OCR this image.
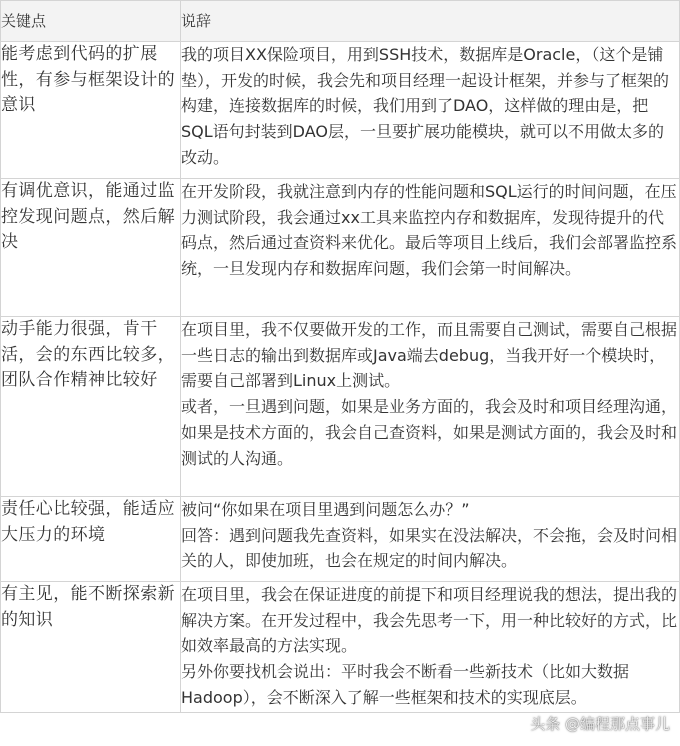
关键点	说辞
能考虑到代码的扩展性，有参与框架设计的意识	我的项目XX保险项目，用到SSH技术，数据库是Oracle，（这个是铺垫），开发的时候，我会先和项目经理一起设计框架，并参与了框架的构建，连接数据库的时候，我们用到了DAO，这样做的理由是，把SQL语句封装到DAO层，一旦要扩展功能模块，就可以不用做太多的改动。

有调优意识，能通过监控发现问题点，然后解决	在开发阶段，我就注意到内存的性能问题和SQL运行的时间问题，在压力测试阶段，我会通过xx工具来监控内存和数据库，发现待提升的代码点，然后通过查资料来优化。最后等项目上线后，我们会部署监控系统，一旦发现内存和数据库问题，我们会第一时间解决。

动手能力很强，肯干活，会的东西比较多，团队合作精神比较好	在项目里，我不仅要做开发的工作，而且需要自己测试，需要自己根据一些日志的输出到数据库或Java端去debug，当我开好一个模块时，需要自己部署到Linux上测试。
或者，一旦遇到问题，如果是业务方面的，我会及时和项目经理沟通，如果是技术方面的，我会自己查资料，如果是测试方面的，我会及时和测试的人沟通。

责任心比较强，能适应大压力的环境	被问“你如果在项目里遇到问题怎么办？”
回答：遇到问题我先查资料，如果实在没法解决，不会拖，会及时问相关的人，即使加班，也会在规定的时间内解决。

有主见，能不断探索新的知识	在项目里，我会在保证进度的前提下和项目经理说我的想法，提出我的解决方案。在开发过程中，我会先思考一下，用一种比较好的方式，比如效率最高的方法实现。
另外你要找机会说出：平时我会不断看一些新技术（比如大数据Hadoop），会不断深入了解一些框架和技术的实现底层。
头条 @编程那点事儿
